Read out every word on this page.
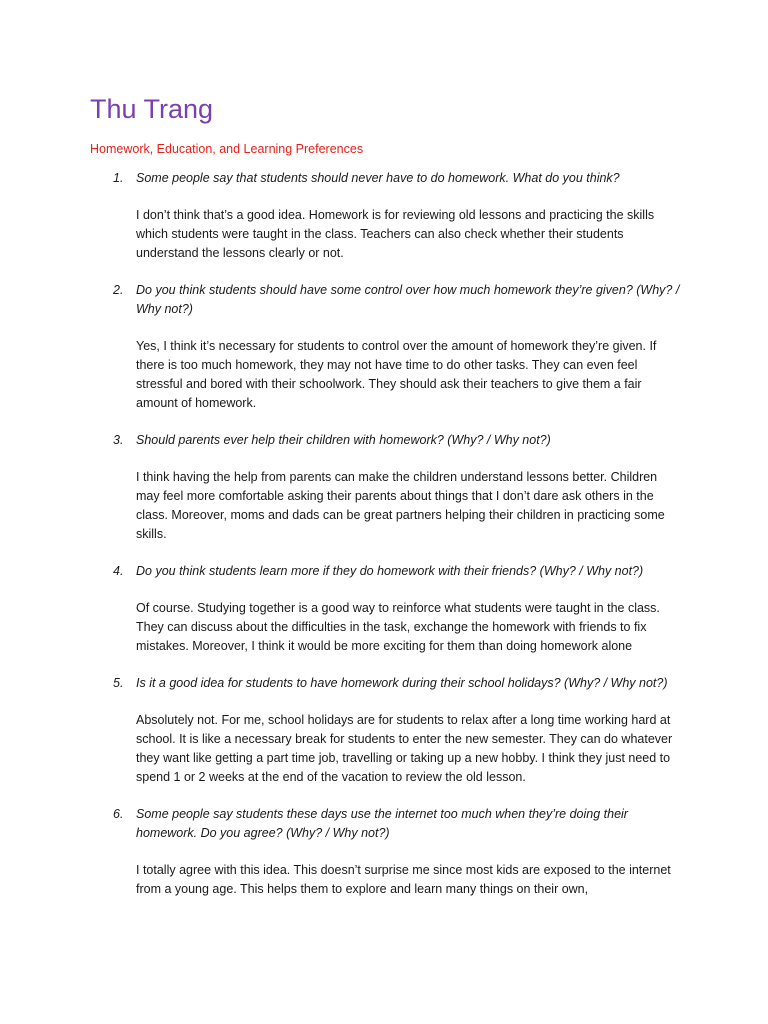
Thu Trang

Homework, Education, and Learning Preferences

1. Some people say that students should never have to do homework. What do you think?

I don’t think that’s a good idea. Homework is for reviewing old lessons and practicing the skills which students were taught in the class. Teachers can also check whether their students understand the lessons clearly or not.

2. Do you think students should have some control over how much homework they’re given? (Why? / Why not?)

Yes, I think it’s necessary for students to control over the amount of homework they’re given. If there is too much homework, they may not have time to do other tasks. They can even feel stressful and bored with their schoolwork. They should ask their teachers to give them a fair amount of homework.

3. Should parents ever help their children with homework? (Why? / Why not?)

I think having the help from parents can make the children understand lessons better. Children may feel more comfortable asking their parents about things that I don’t dare ask others in the class. Moreover, moms and dads can be great partners helping their children in practicing some skills.

4. Do you think students learn more if they do homework with their friends? (Why? / Why not?)

Of course. Studying together is a good way to reinforce what students were taught in the class. They can discuss about the difficulties in the task, exchange the homework with friends to fix mistakes. Moreover, I think it would be more exciting for them than doing homework alone

5. Is it a good idea for students to have homework during their school holidays? (Why? / Why not?)

Absolutely not. For me, school holidays are for students to relax after a long time working hard at school. It is like a necessary break for students to enter the new semester. They can do whatever they want like getting a part time job, travelling or taking up a new hobby. I think they just need to spend 1 or 2 weeks at the end of the vacation to review the old lesson.

6. Some people say students these days use the internet too much when they’re doing their homework. Do you agree? (Why? / Why not?)

I totally agree with this idea. This doesn’t surprise me since most kids are exposed to the internet from a young age. This helps them to explore and learn many things on their own,
